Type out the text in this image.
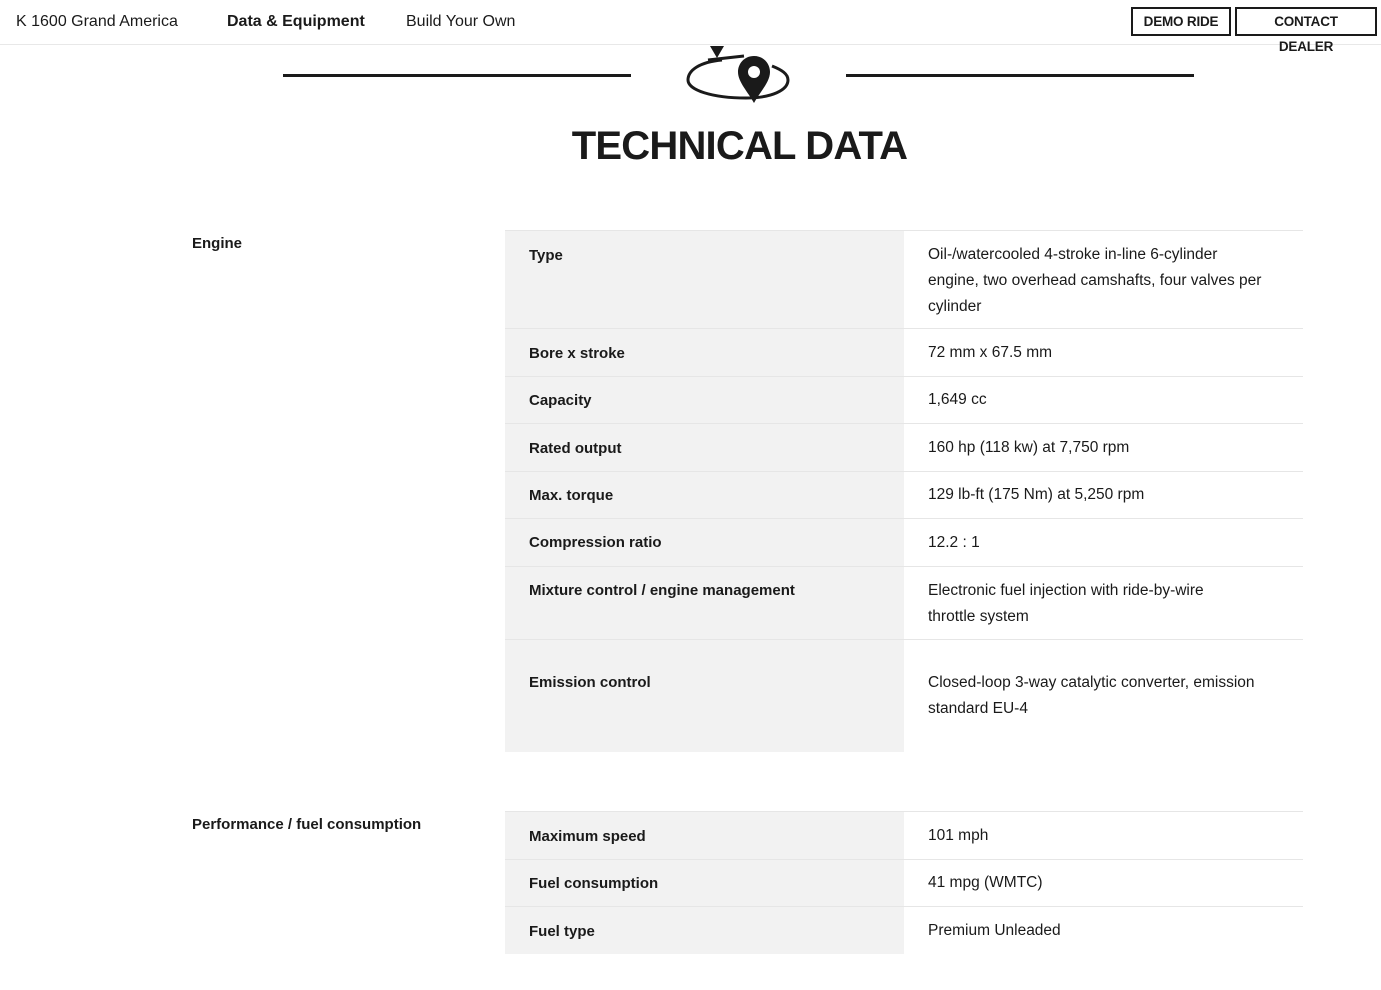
K 1600 Grand America	Data & Equipment	Build Your Own	DEMO RIDE	CONTACT DEALER
TECHNICAL DATA
Engine
Type	Oil-/watercooled 4-stroke in-line 6-cylinder engine, two overhead camshafts, four valves per cylinder
Bore x stroke	72 mm x 67.5 mm
Capacity	1,649 cc
Rated output	160 hp (118 kw) at 7,750 rpm
Max. torque	129 lb-ft (175 Nm) at 5,250 rpm
Compression ratio	12.2 : 1
Mixture control / engine management	Electronic fuel injection with ride-by-wire throttle system
Emission control	Closed-loop 3-way catalytic converter, emission standard EU-4
Performance / fuel consumption
Maximum speed	101 mph
Fuel consumption	41 mpg (WMTC)
Fuel type	Premium Unleaded
